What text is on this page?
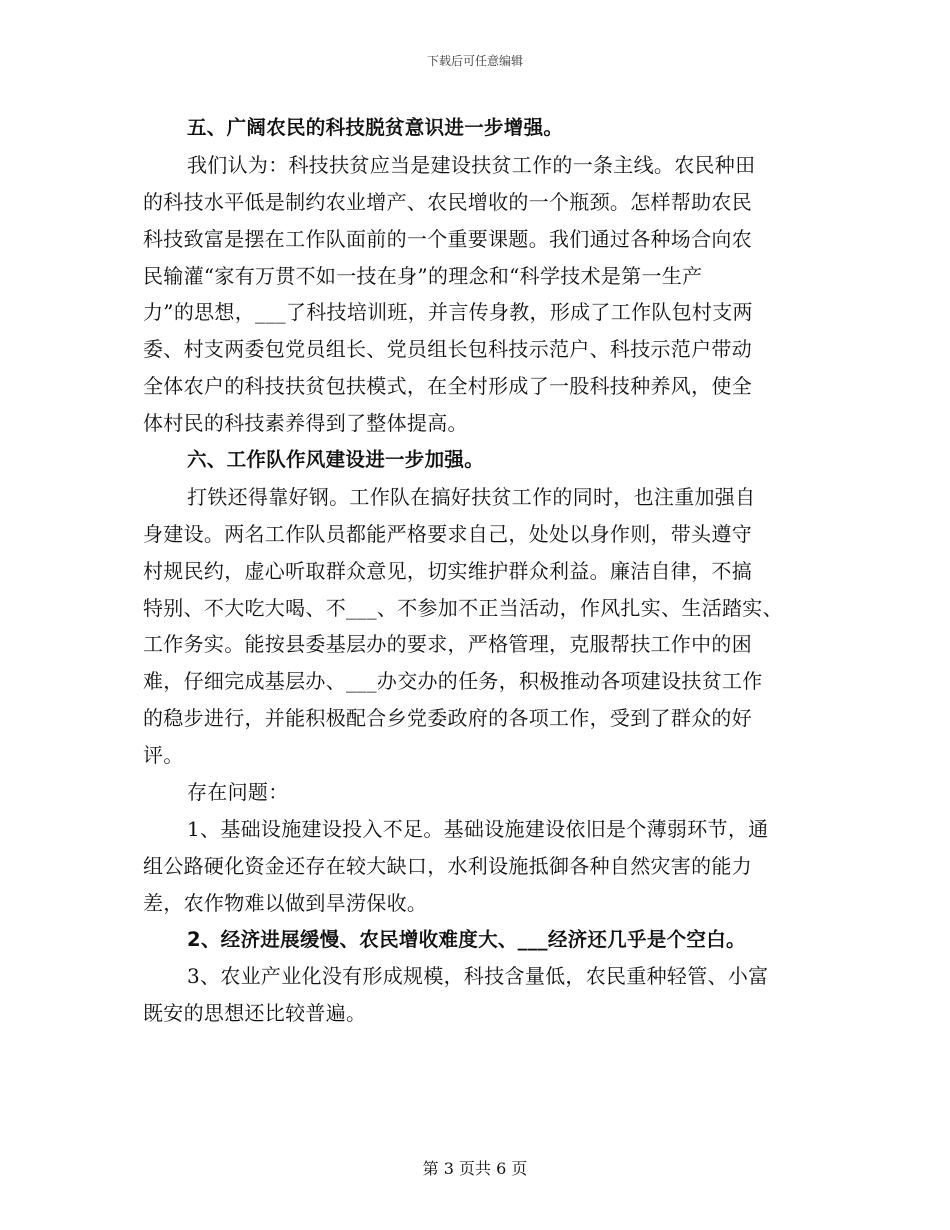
下载后可任意编辑
五、广阔农民的科技脱贫意识进一步增强。
我们认为：科技扶贫应当是建设扶贫工作的一条主线。农民种田
的科技水平低是制约农业增产、农民增收的一个瓶颈。怎样帮助农民
科技致富是摆在工作队面前的一个重要课题。我们通过各种场合向农
民输灌“家有万贯不如一技在身”的理念和“科学技术是第一生产
力”的思想，___了科技培训班，并言传身教，形成了工作队包村支两
委、村支两委包党员组长、党员组长包科技示范户、科技示范户带动
全体农户的科技扶贫包扶模式，在全村形成了一股科技种养风，使全
体村民的科技素养得到了整体提高。
六、工作队作风建设进一步加强。
打铁还得靠好钢。工作队在搞好扶贫工作的同时，也注重加强自
身建设。两名工作队员都能严格要求自己，处处以身作则，带头遵守
村规民约，虚心听取群众意见，切实维护群众利益。廉洁自律，不搞
特别、不大吃大喝、不___、不参加不正当活动，作风扎实、生活踏实、
工作务实。能按县委基层办的要求，严格管理，克服帮扶工作中的困
难，仔细完成基层办、___办交办的任务，积极推动各项建设扶贫工作
的稳步进行，并能积极配合乡党委政府的各项工作，受到了群众的好
评。
存在问题：
1、基础设施建设投入不足。基础设施建设依旧是个薄弱环节，通
组公路硬化资金还存在较大缺口，水利设施抵御各种自然灾害的能力
差，农作物难以做到旱涝保收。
2、经济进展缓慢、农民增收难度大、___经济还几乎是个空白。
3、农业产业化没有形成规模，科技含量低，农民重种轻管、小富
既安的思想还比较普遍。
第 3 页共 6 页
